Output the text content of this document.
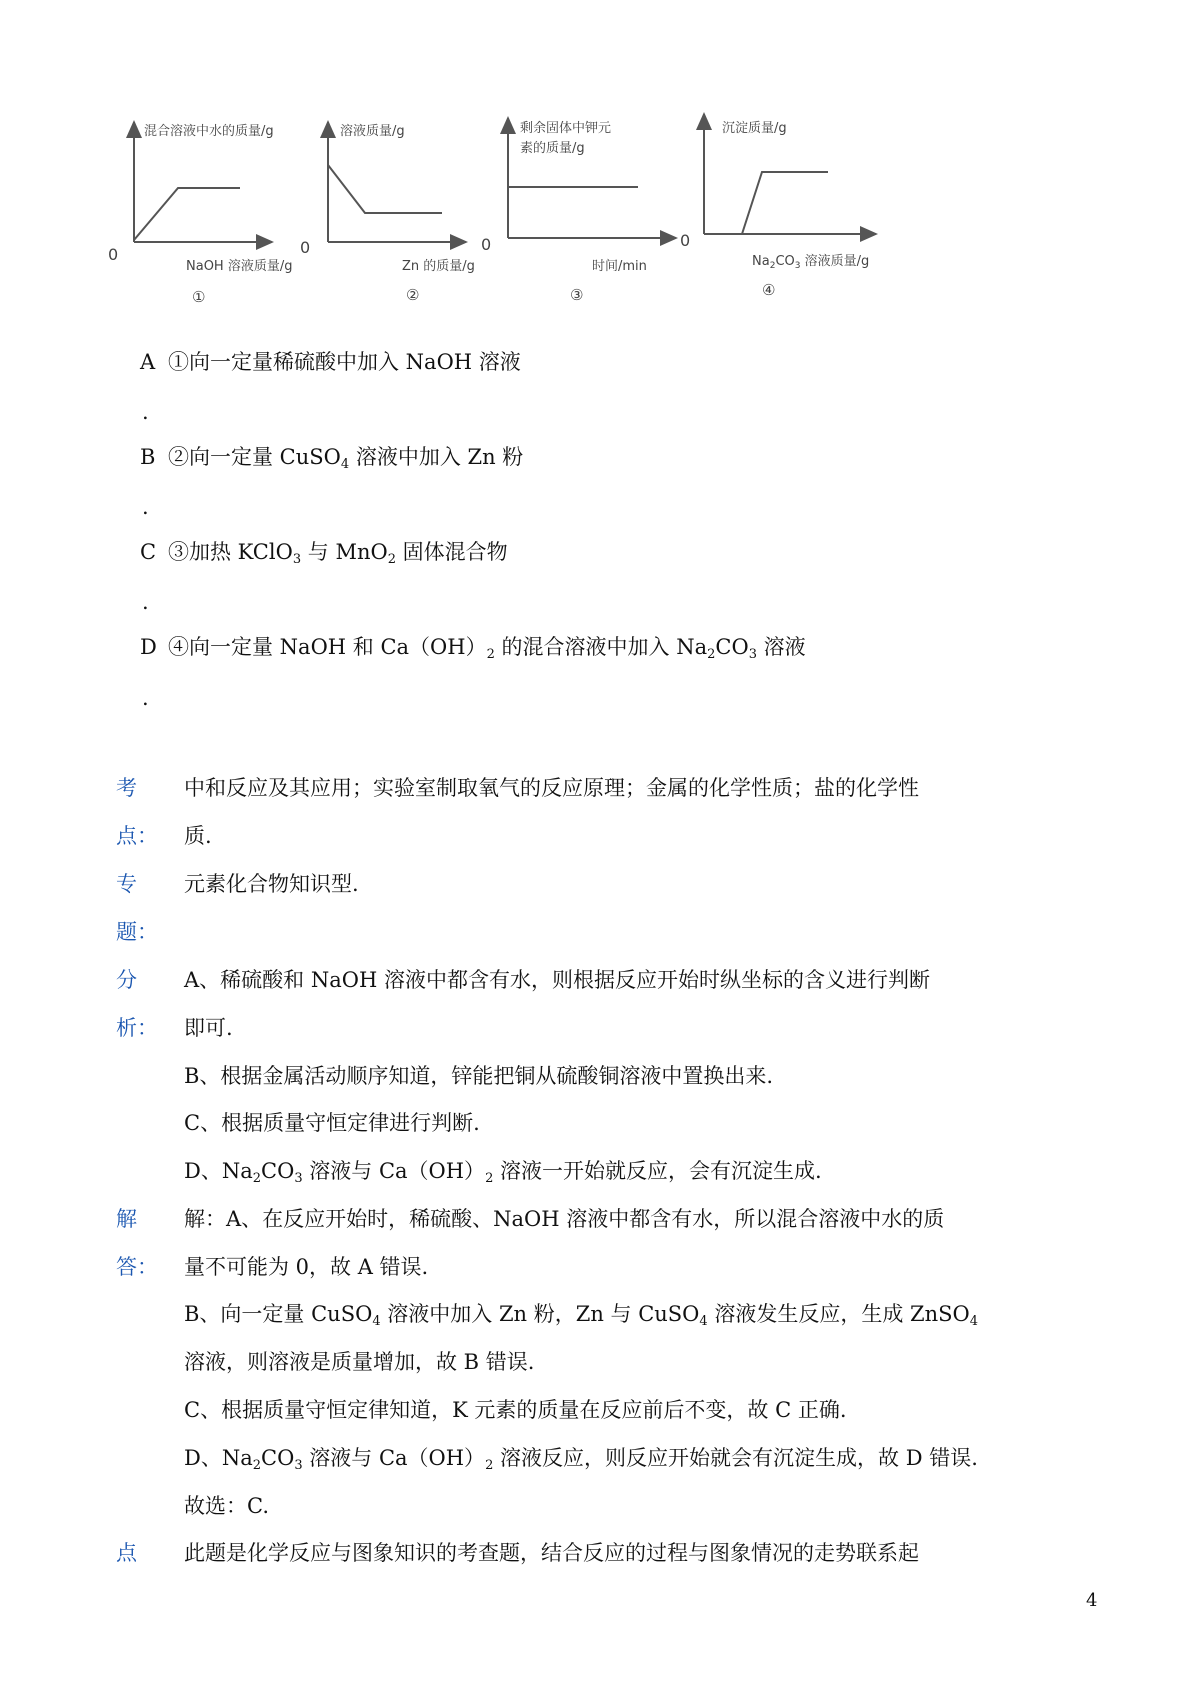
混合溶液中水的质量/g
0
NaOH 溶液质量/g
①
溶液质量/g
0
Zn 的质量/g
②
剩余固体中钾元
素的质量/g
0
时间/min
③
沉淀质量/g
0
$Na_2CO_3$ 溶液质量/g
④
A ①向一定量稀硫酸中加入 NaOH 溶液
.
B ②向一定量 CuSO$_4$ 溶液中加入 Zn 粉
.
C ③加热 KClO$_3$ 与 MnO$_2$ 固体混合物
.
D ④向一定量 NaOH 和 $Ca(OH)_2$ 的混合溶液中加入 $Na_2CO_3$ 溶液
.
考
点：
中和反应及其应用；实验室制取氧气的反应原理；金属的化学性质；盐的化学性
质.
专
题：
元素化合物知识型.
分
析：
A、稀硫酸和 NaOH 溶液中都含有水，则根据反应开始时纵坐标的含义进行判断
即可.
B、根据金属活动顺序知道，锌能把铜从硫酸铜溶液中置换出来.
C、根据质量守恒定律进行判断.
D、$Na_2CO_3$ 溶液与 $Ca(OH)_2$ 溶液一开始就反应，会有沉淀生成.
解
答：
解：A、在反应开始时，稀硫酸、NaOH 溶液中都含有水，所以混合溶液中水的质
量不可能为 0，故 A 错误.
B、向一定量 CuSO$_4$ 溶液中加入 Zn 粉，Zn 与 CuSO$_4$ 溶液发生反应，生成 ZnSO$_4$
溶液，则溶液是质量增加，故 B 错误.
C、根据质量守恒定律知道，K 元素的质量在反应前后不变，故 C 正确.
D、$Na_2CO_3$ 溶液与 $Ca(OH)_2$ 溶液反应，则反应开始就会有沉淀生成，故 D 错误.
故选：C.
点	此题是化学反应与图象知识的考查题，结合反应的过程与图象情况的走势联系起
4
